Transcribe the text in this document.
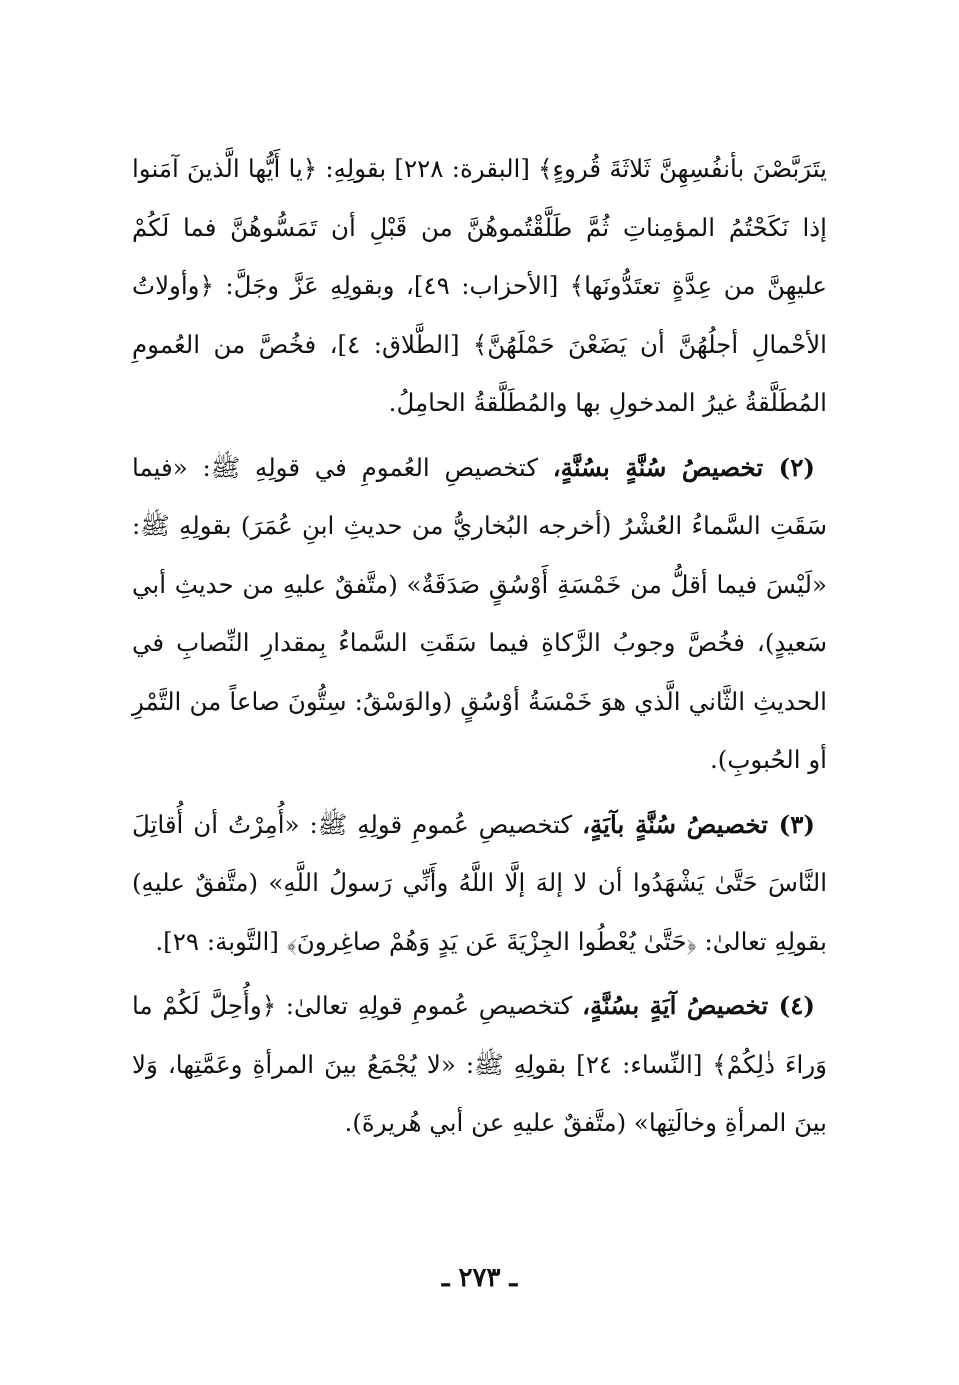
يتَرَبَّصْنَ بأنفُسِهِنَّ ثَلاثَةَ قُروءٍ﴾ [البقرة: ٢٢٨] بقولِهِ: ﴿يا أَيُّها الَّذينَ آمَنوا إذا نَكَحْتُمُ المؤمِناتِ ثُمَّ طَلَّقْتُموهُنَّ من قَبْلِ أن تَمَسُّوهُنَّ فما لَكُمْ عليهِنَّ من عِدَّةٍ تعتَدُّونَها﴾ [الأحزاب: ٤٩]، وبقولِهِ عَزَّ وجَلَّ: ﴿وأولاتُ الأحْمالِ أجلُهُنَّ أن يَضَعْنَ حَمْلَهُنَّ﴾ [الطَّلاق: ٤]، فخُصَّ من العُمومِ المُطَلَّقةُ غيرُ المدخولِ بها والمُطَلَّقةُ الحامِلُ.

(٢) تخصيصُ سُنَّةٍ بسُنَّةٍ، كتخصيصِ العُمومِ في قولِهِ ﷺ: «فيما سَقَتِ السَّماءُ العُشْرُ (أخرجه البُخاريُّ من حديثِ ابنِ عُمَرَ) بقولِهِ ﷺ: «لَيْسَ فيما أقلُّ من خَمْسَةِ أَوْسُقٍ صَدَقَةٌ» (متَّفقٌ عليهِ من حديثِ أبي سَعيدٍ)، فخُصَّ وجوبُ الزَّكاةِ فيما سَقَتِ السَّماءُ بِمقدارِ النِّصابِ في الحديثِ الثَّاني الَّذي هوَ خَمْسَةُ أوْسُقٍ (والوَسْقُ: سِتُّونَ صاعاً من التَّمْرِ أو الحُبوبِ).

(٣) تخصيصُ سُنَّةٍ بآيَةٍ، كتخصيصِ عُمومِ قولِهِ ﷺ: «أُمِرْتُ أن أُقاتِلَ النَّاسَ حَتَّىٰ يَشْهَدُوا أن لا إلهَ إلَّا اللَّهُ وأَنِّي رَسولُ اللَّهِ» (متَّفقٌ عليهِ) بقولِهِ تعالىٰ: ﴿حَتَّىٰ يُعْطُوا الجِزْيَةَ عَن يَدٍ وَهُمْ صاغِرونَ﴾ [التَّوبة: ٢٩].

(٤) تخصيصُ آيَةٍ بسُنَّةٍ، كتخصيصِ عُمومِ قولِهِ تعالىٰ: ﴿وأُحِلَّ لَكُمْ ما وَراءَ ذٰلِكُمْ﴾ [النِّساء: ٢٤] بقولِهِ ﷺ: «لا يُجْمَعُ بينَ المرأةِ وعَمَّتِها، وَلا بينَ المرأةِ وخالَتِها» (متَّفقٌ عليهِ عن أبي هُريرةَ).

ـ ٢٧٣ ـ
